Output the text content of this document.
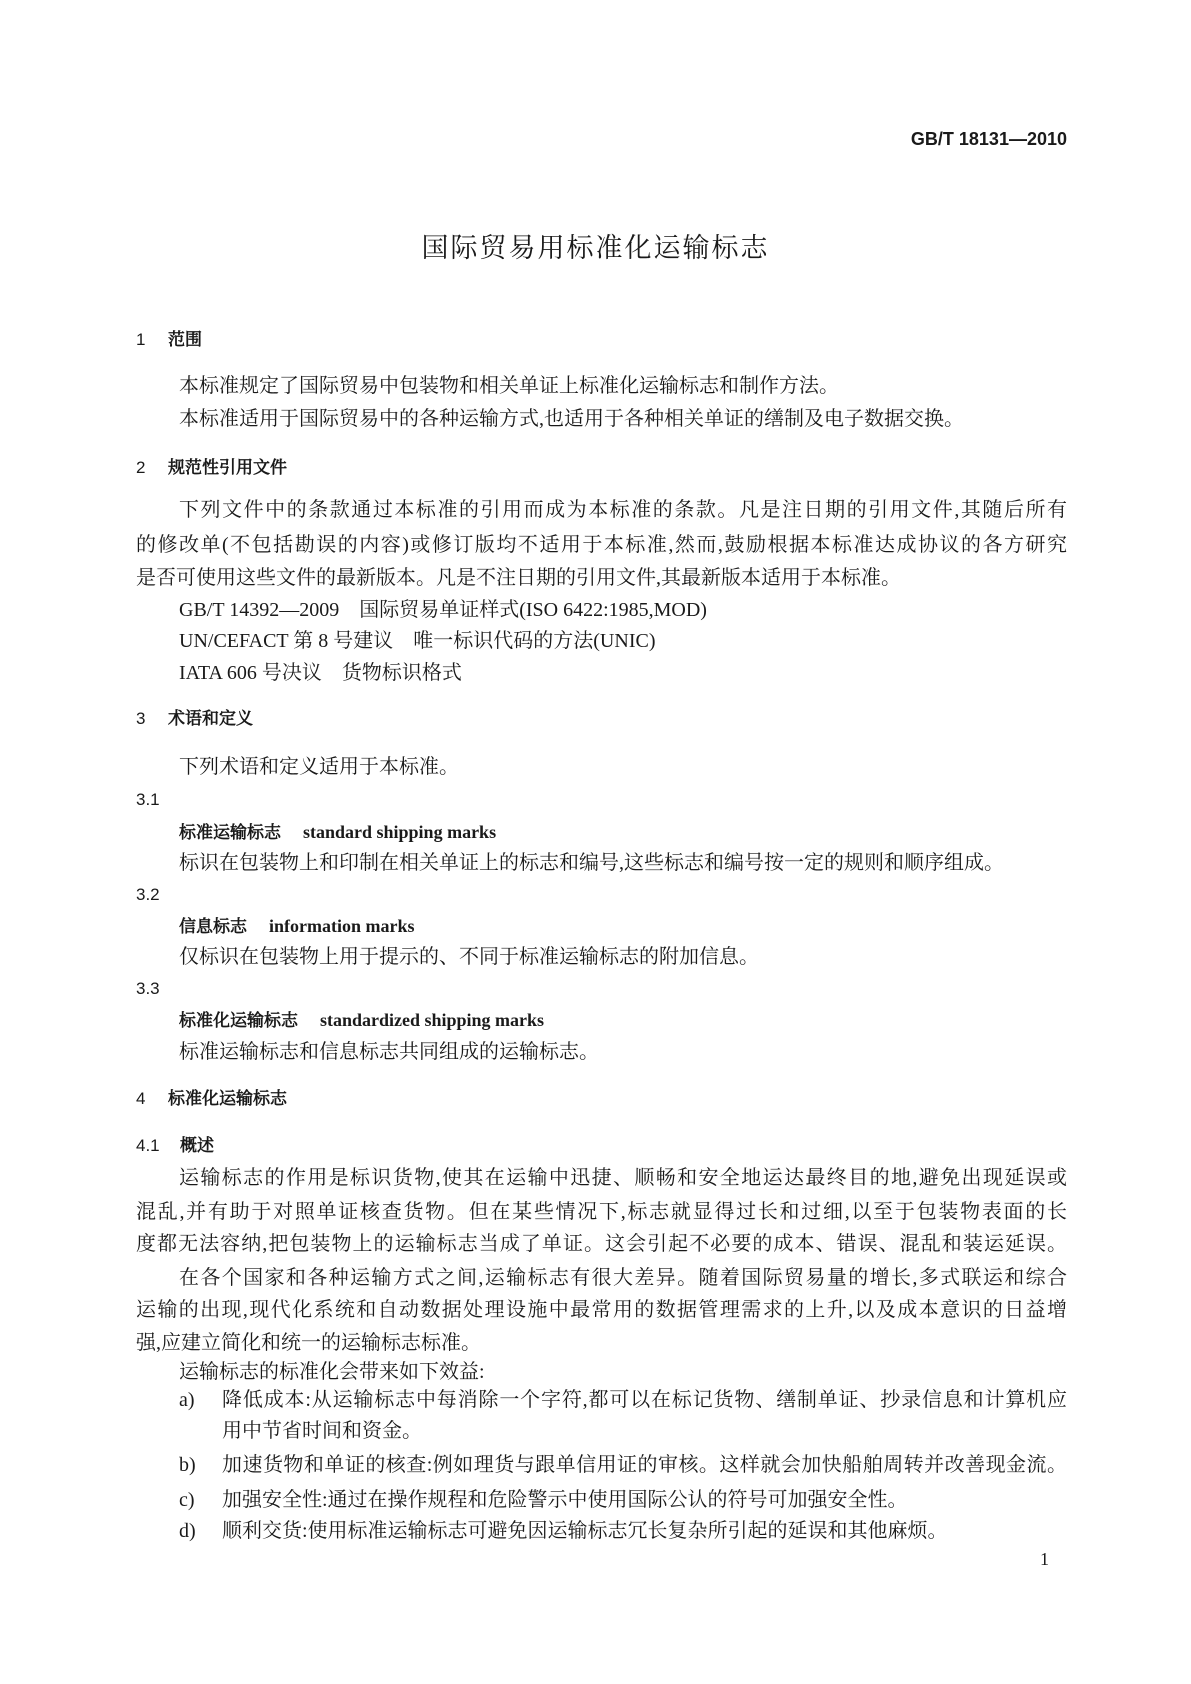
GB/T 18131—2010
国际贸易用标准化运输标志
1 范围
本标准规定了国际贸易中包装物和相关单证上标准化运输标志和制作方法。
本标准适用于国际贸易中的各种运输方式,也适用于各种相关单证的缮制及电子数据交换。
2 规范性引用文件
下列文件中的条款通过本标准的引用而成为本标准的条款。凡是注日期的引用文件,其随后所有
的修改单(不包括勘误的内容)或修订版均不适用于本标准,然而,鼓励根据本标准达成协议的各方研究
是否可使用这些文件的最新版本。凡是不注日期的引用文件,其最新版本适用于本标准。
GB/T 14392—2009　国际贸易单证样式(ISO 6422:1985,MOD)
UN/CEFACT 第 8 号建议　唯一标识代码的方法(UNIC)
IATA 606 号决议　货物标识格式
3 术语和定义
下列术语和定义适用于本标准。
3.1
标准运输标志 standard shipping marks
标识在包装物上和印制在相关单证上的标志和编号,这些标志和编号按一定的规则和顺序组成。
3.2
信息标志 information marks
仅标识在包装物上用于提示的、不同于标准运输标志的附加信息。
3.3
标准化运输标志 standardized shipping marks
标准运输标志和信息标志共同组成的运输标志。
4 标准化运输标志
4.1 概述
运输标志的作用是标识货物,使其在运输中迅捷、顺畅和安全地运达最终目的地,避免出现延误或
混乱,并有助于对照单证核查货物。但在某些情况下,标志就显得过长和过细,以至于包装物表面的长
度都无法容纳,把包装物上的运输标志当成了单证。这会引起不必要的成本、错误、混乱和装运延误。
在各个国家和各种运输方式之间,运输标志有很大差异。随着国际贸易量的增长,多式联运和综合
运输的出现,现代化系统和自动数据处理设施中最常用的数据管理需求的上升,以及成本意识的日益增
强,应建立简化和统一的运输标志标准。
运输标志的标准化会带来如下效益:
a) 降低成本:从运输标志中每消除一个字符,都可以在标记货物、缮制单证、抄录信息和计算机应
用中节省时间和资金。
b) 加速货物和单证的核查:例如理货与跟单信用证的审核。这样就会加快船舶周转并改善现金流。
c) 加强安全性:通过在操作规程和危险警示中使用国际公认的符号可加强安全性。
d) 顺利交货:使用标准运输标志可避免因运输标志冗长复杂所引起的延误和其他麻烦。
1
